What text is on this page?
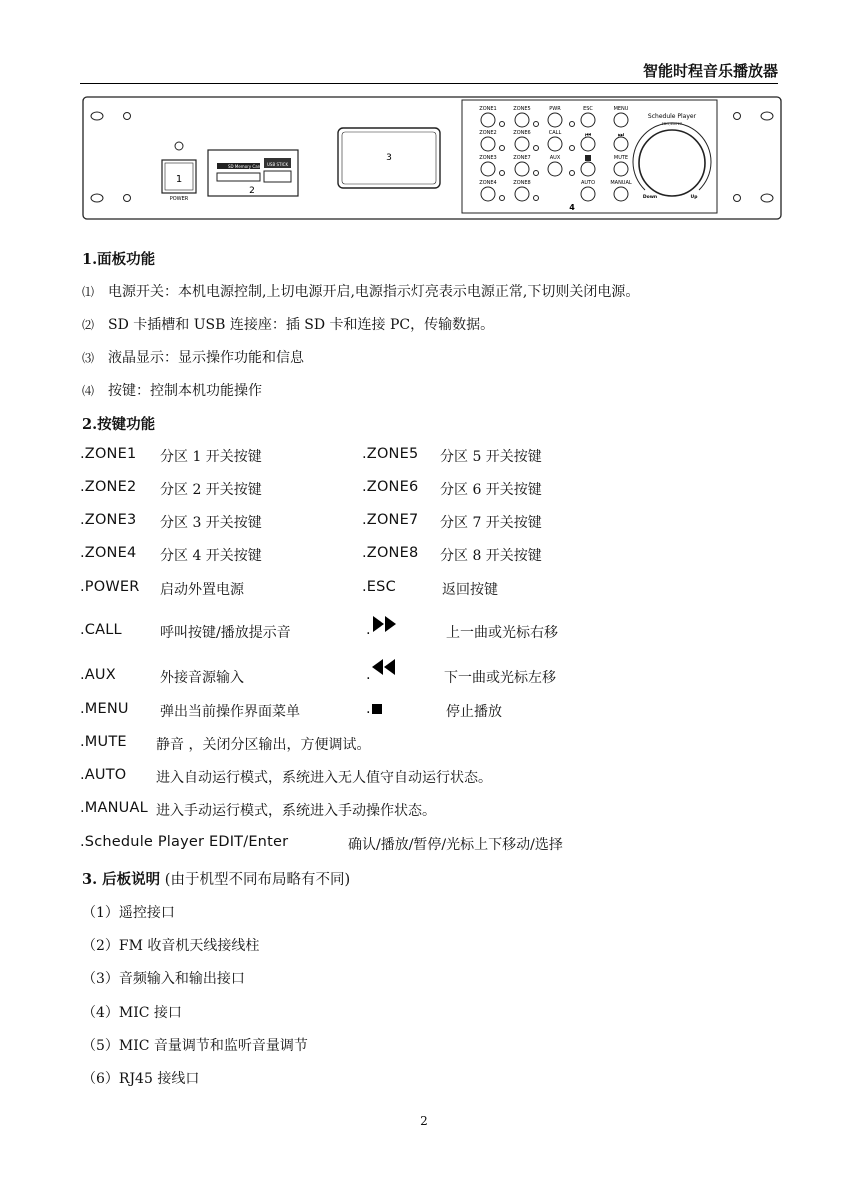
智能时程音乐播放器
1
POWER
SD Memory Card USB STICK
2
3
ZONE1	ZONE5	PWR	ESC	MENU
ZONE2	ZONE6	CALL	⏮	⏭
ZONE3	ZONE7	AUX	MUTE
ZONE4	ZONE8	AUTO	MANUAL
4
Schedule Player
EDIT/ENTER
Down	Up
1.面板功能
⑴ 电源开关：本机电源控制,上切电源开启,电源指示灯亮表示电源正常,下切则关闭电源。
⑵ SD 卡插槽和 USB 连接座：插 SD 卡和连接 PC，传输数据。
⑶ 液晶显示：显示操作功能和信息
⑷ 按键：控制本机功能操作
2.按键功能
.ZONE1 分区 1 开关按键	.ZONE5 分区 5 开关按键
.ZONE2 分区 2 开关按键	.ZONE6 分区 6 开关按键
.ZONE3 分区 3 开关按键	.ZONE7 分区 7 开关按键
.ZONE4 分区 4 开关按键	.ZONE8 分区 8 开关按键
.POWER 启动外置电源	.ESC	返回按键
.CALL	呼叫按键/播放提示音	.	上一曲或光标右移
.AUX	外接音源输入	.	下一曲或光标左移
.MENU 弹出当前操作界面菜单	.	停止播放
.MUTE 静音 ，关闭分区输出，方便调试。
.AUTO 进入自动运行模式，系统进入无人值守自动运行状态。
.MANUAL 进入手动运行模式，系统进入手动操作状态。
.Schedule Player EDIT/Enter	确认/播放/暂停/光标上下移动/选择
3. 后板说明 (由于机型不同布局略有不同)
（1）遥控接口
（2）FM 收音机天线接线柱
（3）音频输入和输出接口
（4）MIC 接口
（5）MIC 音量调节和监听音量调节
（6）RJ45 接线口
2
